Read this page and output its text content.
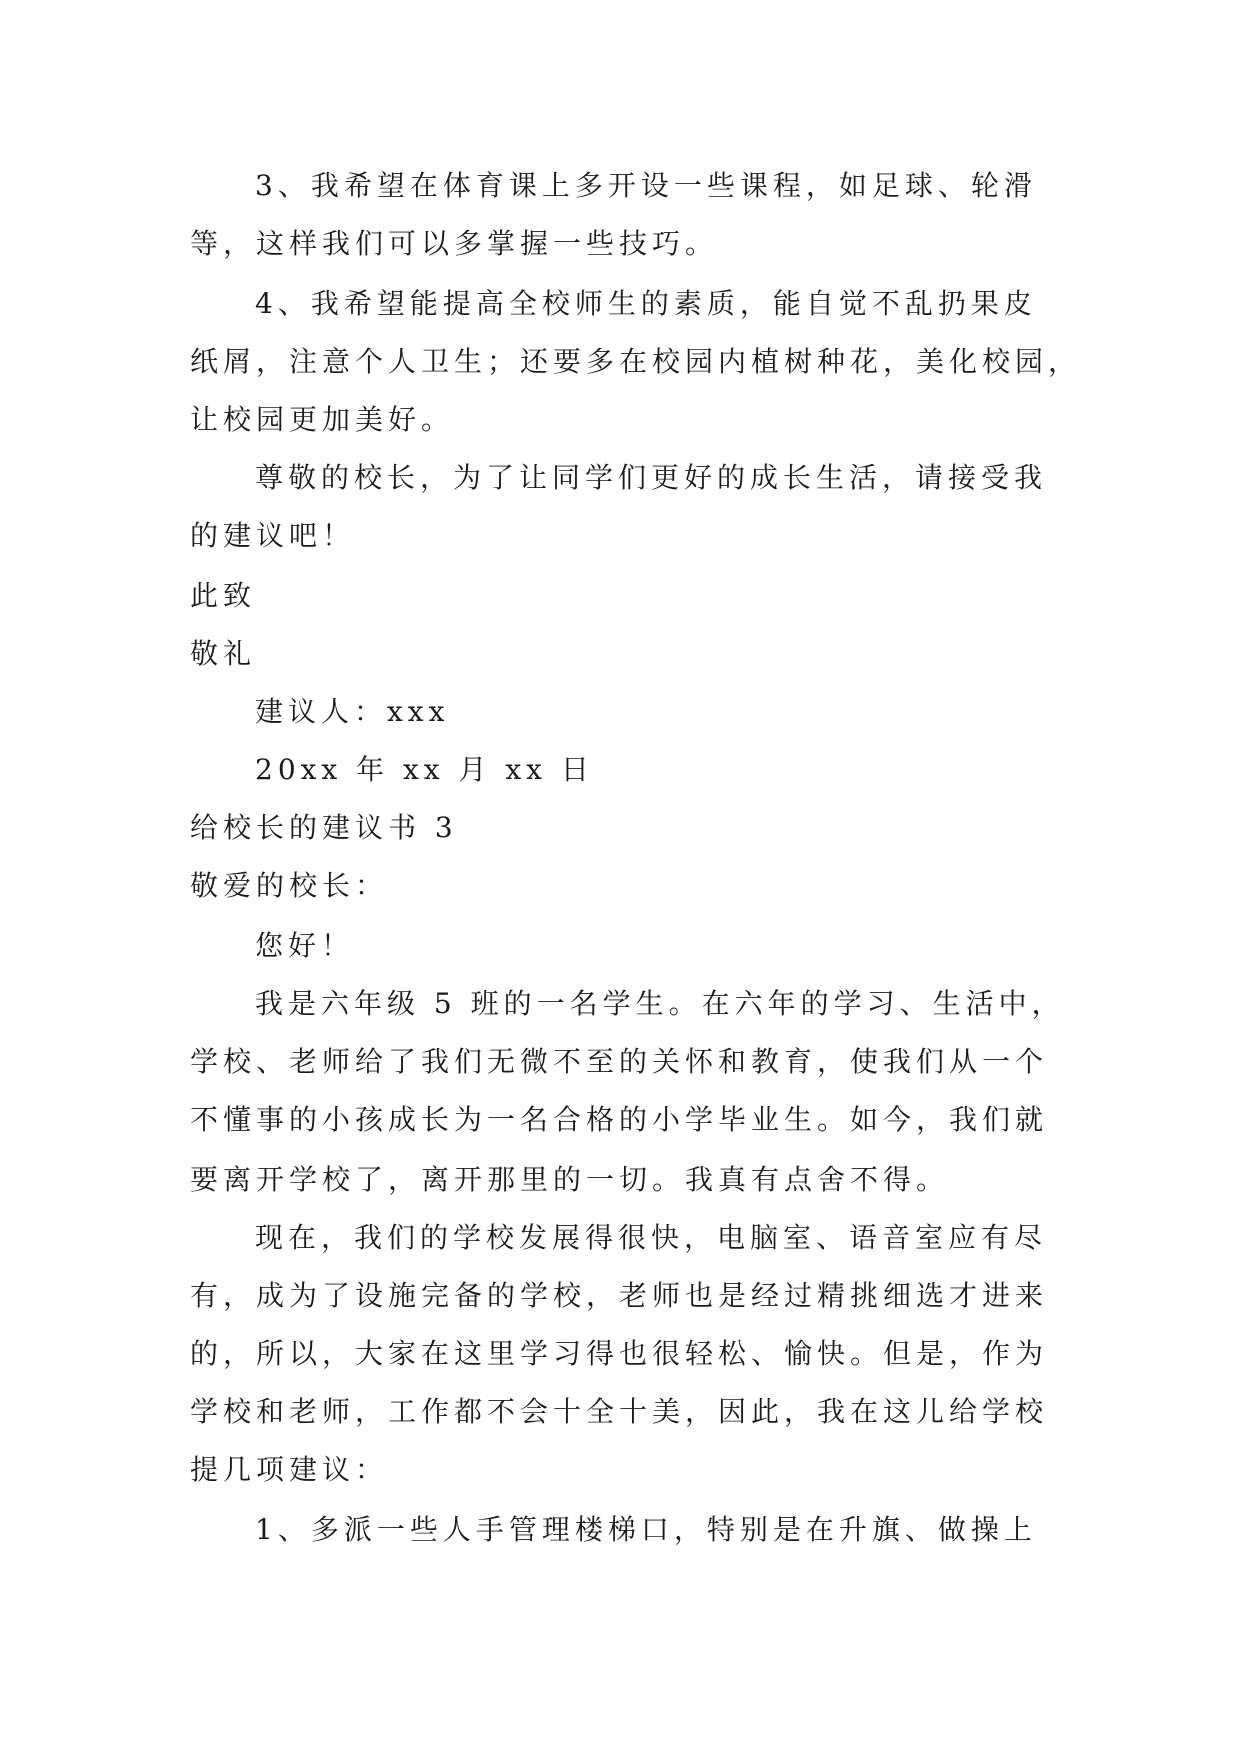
3、我希望在体育课上多开设一些课程，如足球、轮滑
等，这样我们可以多掌握一些技巧。
4、我希望能提高全校师生的素质，能自觉不乱扔果皮
纸屑，注意个人卫生；还要多在校园内植树种花，美化校园，
让校园更加美好。
尊敬的校长，为了让同学们更好的成长生活，请接受我
的建议吧！
此致
敬礼
建议人：xxx
20xx 年 xx 月 xx 日
给校长的建议书 3
敬爱的校长：
您好！
我是六年级 5 班的一名学生。在六年的学习、生活中，
学校、老师给了我们无微不至的关怀和教育，使我们从一个
不懂事的小孩成长为一名合格的小学毕业生。如今，我们就
要离开学校了，离开那里的一切。我真有点舍不得。
现在，我们的学校发展得很快，电脑室、语音室应有尽
有，成为了设施完备的学校，老师也是经过精挑细选才进来
的，所以，大家在这里学习得也很轻松、愉快。但是，作为
学校和老师，工作都不会十全十美，因此，我在这儿给学校
提几项建议：
1、多派一些人手管理楼梯口，特别是在升旗、做操上
